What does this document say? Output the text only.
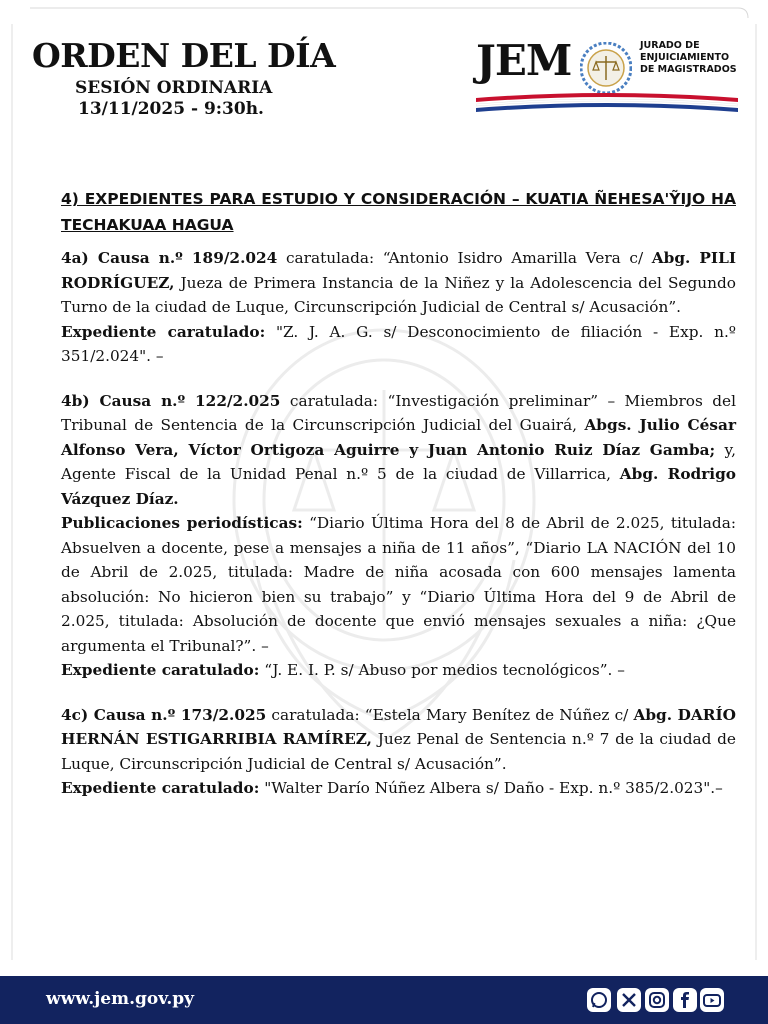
ORDEN DEL DÍA
SESIÓN ORDINARIA
13/11/2025 - 9:30h.
JEM	JURADO DE
ENJUICIAMIENTO
DE MAGISTRADOS
4) EXPEDIENTES PARA ESTUDIO Y CONSIDERACIÓN – KUATIA ÑEHESA'ỸIJO HA TECHAKUAA HAGUA

4a) Causa n.º 189/2.024 caratulada: “Antonio Isidro Amarilla Vera c/ Abg. PILI RODRÍGUEZ, Jueza de Primera Instancia de la Niñez y la Adolescencia del Segundo Turno de la ciudad de Luque, Circunscripción Judicial de Central s/ Acusación”.

Expediente caratulado: "Z. J. A. G. s/ Desconocimiento de filiación - Exp. n.º 351/2.024". –

4b) Causa n.º 122/2.025 caratulada: “Investigación preliminar” – Miembros del Tribunal de Sentencia de la Circunscripción Judicial del Guairá, Abgs. Julio César Alfonso Vera, Víctor Ortigoza Aguirre y Juan Antonio Ruiz Díaz Gamba; y, Agente Fiscal de la Unidad Penal n.º 5 de la ciudad de Villarrica, Abg. Rodrigo Vázquez Díaz.

Publicaciones periodísticas: “Diario Última Hora del 8 de Abril de 2.025, titulada: Absuelven a docente, pese a mensajes a niña de 11 años”, “Diario LA NACIÓN del 10 de Abril de 2.025, titulada: Madre de niña acosada con 600 mensajes lamenta absolución: No hicieron bien su trabajo” y “Diario Última Hora del 9 de Abril de 2.025, titulada: Absolución de docente que envió mensajes sexuales a niña: ¿Que argumenta el Tribunal?”. –

Expediente caratulado: “J. E. I. P. s/ Abuso por medios tecnológicos”. –

4c) Causa n.º 173/2.025 caratulada: “Estela Mary Benítez de Núñez c/ Abg. DARÍO HERNÁN ESTIGARRIBIA RAMÍREZ, Juez Penal de Sentencia n.º 7 de la ciudad de Luque, Circunscripción Judicial de Central s/ Acusación”.

Expediente caratulado: "Walter Darío Núñez Albera s/ Daño - Exp. n.º 385/2.023".–

www.jem.gov.py
